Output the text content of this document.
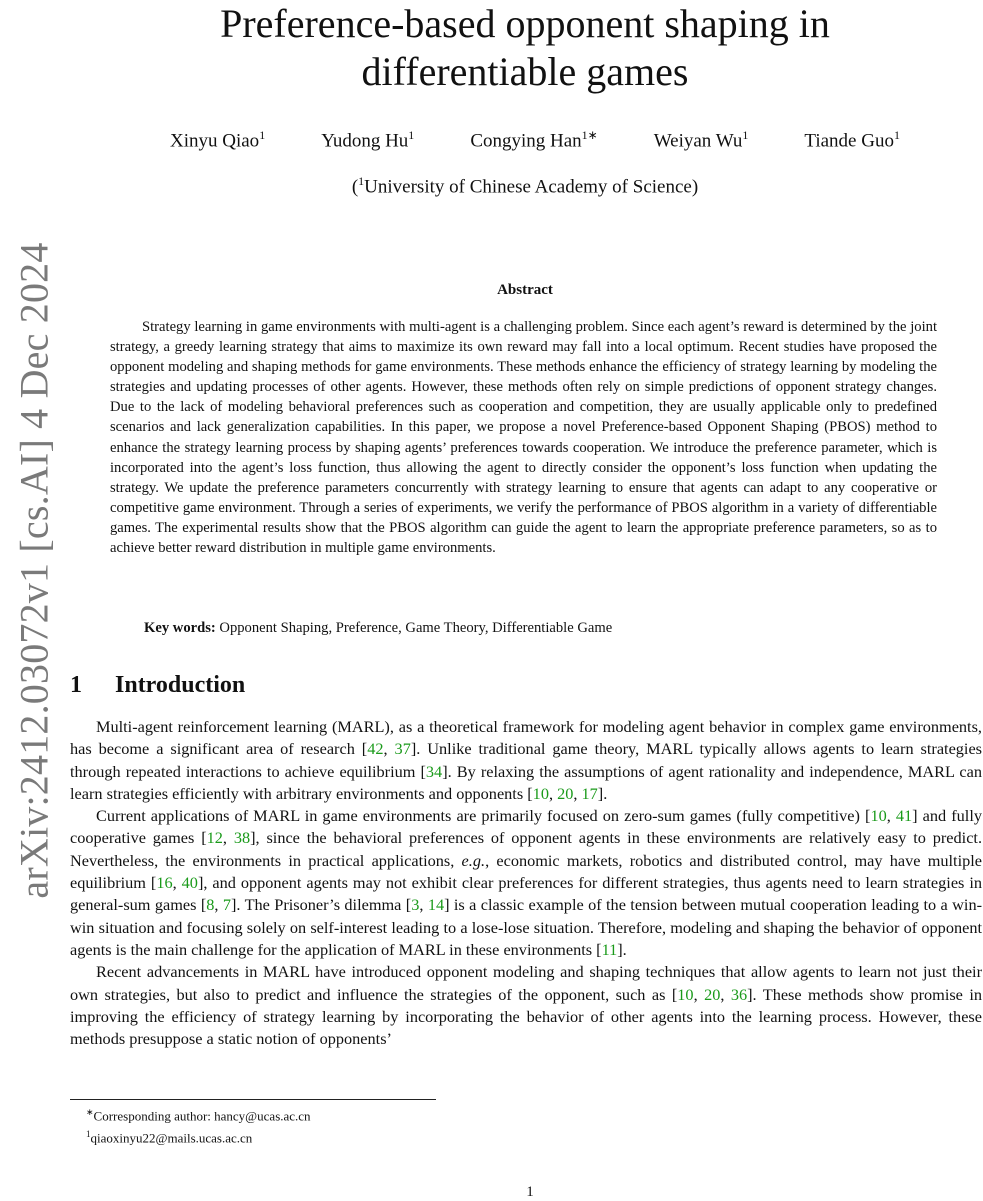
arXiv:2412.03072v1 [cs.AI] 4 Dec 2024
Preference-based opponent shaping in
differentiable games
Xinyu Qiao$^1$	Yudong Hu$^1$	Congying Han$^{1∗}$	Weiyan Wu$^1$	Tiande Guo$^1$
($^1$University of Chinese Academy of Science)
Abstract
Strategy learning in game environments with multi-agent is a challenging problem. Since each agent’s reward is determined by the joint strategy, a greedy learning strategy that aims to maximize its own reward may fall into a local optimum. Recent studies have proposed the opponent modeling and shaping methods for game environments. These methods enhance the efficiency of strategy learning by modeling the strategies and updating processes of other agents. However, these methods often rely on simple predictions of opponent strategy changes. Due to the lack of modeling behavioral preferences such as cooperation and competition, they are usually applicable only to predefined scenarios and lack generalization capabilities. In this paper, we propose a novel Preference-based Opponent Shaping (PBOS) method to enhance the strategy learning process by shaping agents’ preferences towards cooperation. We introduce the preference parameter, which is incorporated into the agent’s loss function, thus allowing the agent to directly consider the opponent’s loss function when updating the strategy. We update the preference parameters concurrently with strategy learning to ensure that agents can adapt to any cooperative or competitive game environment. Through a series of experiments, we verify the performance of PBOS algorithm in a variety of differentiable games. The experimental results show that the PBOS algorithm can guide the agent to learn the appropriate preference parameters, so as to achieve better reward distribution in multiple game environments.
Key words: Opponent Shaping, Preference, Game Theory, Differentiable Game
1 Introduction

Multi-agent reinforcement learning (MARL), as a theoretical framework for modeling agent behavior in complex game environments, has become a significant area of research [42, 37]. Unlike traditional game theory, MARL typically allows agents to learn strategies through repeated interactions to achieve equilibrium [34]. By relaxing the assumptions of agent rationality and independence, MARL can learn strategies efficiently with arbitrary environments and opponents [10, 20, 17].

Current applications of MARL in game environments are primarily focused on zero-sum games (fully competitive) [10, 41] and fully cooperative games [12, 38], since the behavioral preferences of opponent agents in these environments are relatively easy to predict. Nevertheless, the environments in practical applications, e.g., economic markets, robotics and distributed control, may have multiple equilibrium [16, 40], and opponent agents may not exhibit clear preferences for different strategies, thus agents need to learn strategies in general-sum games [8, 7]. The Prisoner’s dilemma [3, 14] is a classic example of the tension between mutual cooperation leading to a win-win situation and focusing solely on self-interest leading to a lose-lose situation. Therefore, modeling and shaping the behavior of opponent agents is the main challenge for the application of MARL in these environments [11].

Recent advancements in MARL have introduced opponent modeling and shaping techniques that allow agents to learn not just their own strategies, but also to predict and influence the strategies of the opponent, such as [10, 20, 36]. These methods show promise in improving the efficiency of strategy learning by incorporating the behavior of other agents into the learning process. However, these methods presuppose a static notion of opponents’

∗Corresponding author: hancy@ucas.ac.cn
$^1$qiaoxinyu22@mails.ucas.ac.cn
1
